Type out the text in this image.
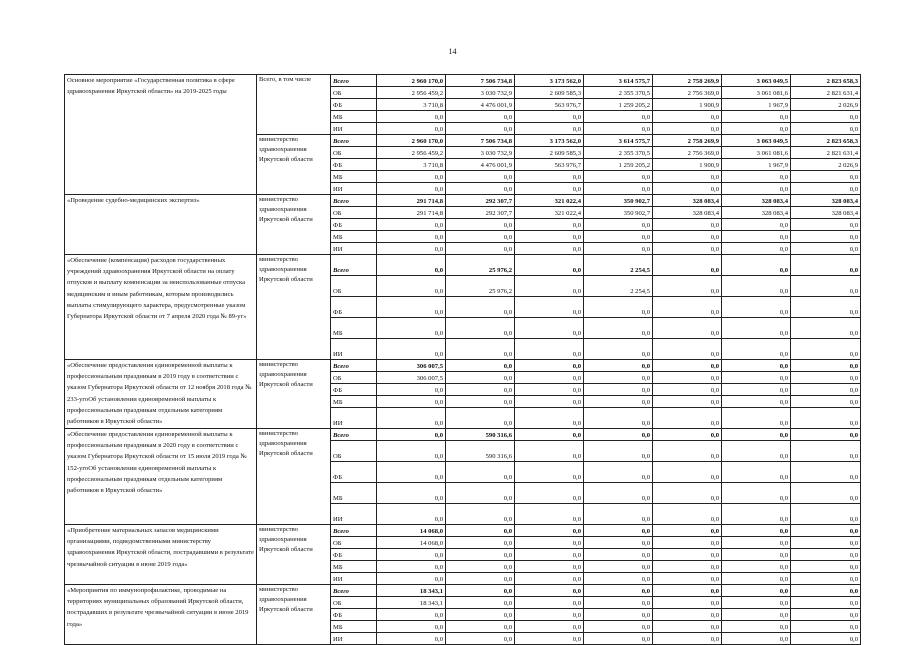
14
Основное мероприятие «Государственная политика в сфере здравоохранения Иркутской области» на 2019-2025 годы	Всего, в том числе	Всего	2 960 170,0	7 506 734,8	3 173 562,0	3 614 575,7	2 758 269,9	3 063 049,5	2 823 658,3
		ОБ	2 956 459,2	3 030 732,9	2 609 585,3	2 355 370,5	2 756 369,0	3 061 081,6	2 821 631,4
		ФБ	3 710,8	4 476 001,9	563 976,7	1 259 205,2	1 900,9	1 967,9	2 026,9
		МБ	0,0	0,0	0,0	0,0	0,0	0,0	0,0
		ИИ	0,0	0,0	0,0	0,0	0,0	0,0	0,0
	министерство здравоохранения Иркутской области	Всего	2 960 170,0	7 506 734,8	3 173 562,0	3 614 575,7	2 758 269,9	3 063 049,5	2 823 658,3
		ОБ	2 956 459,2	3 030 732,9	2 609 585,3	2 355 370,5	2 756 369,0	3 061 081,6	2 821 631,4
		ФБ	3 710,8	4 476 001,9	563 976,7	1 259 205,2	1 900,9	1 967,9	2 026,9
		МБ	0,0	0,0	0,0	0,0	0,0	0,0	0,0
		ИИ	0,0	0,0	0,0	0,0	0,0	0,0	0,0
«Проведение судебно-медицинских экспертиз»	министерство здравоохранения Иркутской области	Всего	291 714,8	292 307,7	321 022,4	350 902,7	328 083,4	328 083,4	328 083,4
		ОБ	291 714,8	292 307,7	321 022,4	350 902,7	328 083,4	328 083,4	328 083,4
		ФБ	0,0	0,0	0,0	0,0	0,0	0,0	0,0
		МБ	0,0	0,0	0,0	0,0	0,0	0,0	0,0
		ИИ	0,0	0,0	0,0	0,0	0,0	0,0	0,0
«Обеспечение (компенсация) расходов государственных учреждений здравоохранения Иркутской области на оплату отпусков и выплату компенсации за неиспользованные отпуска медицинским и иным работникам, которым производились выплаты стимулирующего характера, предусмотренные указом Губернатора Иркутской области от 7 апреля 2020 года № 89-уг»	министерство здравоохранения Иркутской области	Всего	0,0	25 976,2	0,0	2 254,5	0,0	0,0	0,0
		ОБ	0,0	25 976,2	0,0	2 254,5	0,0	0,0	0,0
		ФБ	0,0	0,0	0,0	0,0	0,0	0,0	0,0
		МБ	0,0	0,0	0,0	0,0	0,0	0,0	0,0
		ИИ	0,0	0,0	0,0	0,0	0,0	0,0	0,0
«Обеспечение предоставления единовременной выплаты к профессиональным праздникам в 2019 году в соответствии с указом Губернатора Иркутской области от 12 ноября 2018 года № 233-угоОб установлении единовременной выплаты к профессиональным праздникам отдельным категориям работников в Иркутской области»	министерство здравоохранения Иркутской области	Всего	306 007,5	0,0	0,0	0,0	0,0	0,0	0,0
		ОБ	306 007,5	0,0	0,0	0,0	0,0	0,0	0,0
		ФБ	0,0	0,0	0,0	0,0	0,0	0,0	0,0
		МБ	0,0	0,0	0,0	0,0	0,0	0,0	0,0
		ИИ	0,0	0,0	0,0	0,0	0,0	0,0	0,0
«Обеспечение предоставления единовременной выплаты к профессиональным праздникам в 2020 году в соответствии с указом Губернатора Иркутской области от 15 июля 2019 года № 152-угоОб установлении единовременной выплаты к профессиональным праздникам отдельным категориям работников в Иркутской области»	министерство здравоохранения Иркутской области	Всего	0,0	590 316,6	0,0	0,0	0,0	0,0	0,0
		ОБ	0,0	590 316,6	0,0	0,0	0,0	0,0	0,0
		ФБ	0,0	0,0	0,0	0,0	0,0	0,0	0,0
		МБ	0,0	0,0	0,0	0,0	0,0	0,0	0,0
		ИИ	0,0	0,0	0,0	0,0	0,0	0,0	0,0
«Приобретение материальных запасов медицинскими организациями, подведомственными министерству здравоохранения Иркутской области, пострадавшими в результате чрезвычайной ситуации в июне 2019 года»	министерство здравоохранения Иркутской области	Всего	14 068,0	0,0	0,0	0,0	0,0	0,0	0,0
		ОБ	14 068,0	0,0	0,0	0,0	0,0	0,0	0,0
		ФБ	0,0	0,0	0,0	0,0	0,0	0,0	0,0
		МБ	0,0	0,0	0,0	0,0	0,0	0,0	0,0
		ИИ	0,0	0,0	0,0	0,0	0,0	0,0	0,0
«Мероприятия по иммунопрофилактике, проводимые на территориях муниципальных образований Иркутской области, пострадавших в результате чрезвычайной ситуации в июне 2019 года»	министерство здравоохранения Иркутской области	Всего	18 343,1	0,0	0,0	0,0	0,0	0,0	0,0
		ОБ	18 343,1	0,0	0,0	0,0	0,0	0,0	0,0
		ФБ	0,0	0,0	0,0	0,0	0,0	0,0	0,0
		МБ	0,0	0,0	0,0	0,0	0,0	0,0	0,0
		ИИ	0,0	0,0	0,0	0,0	0,0	0,0	0,0
